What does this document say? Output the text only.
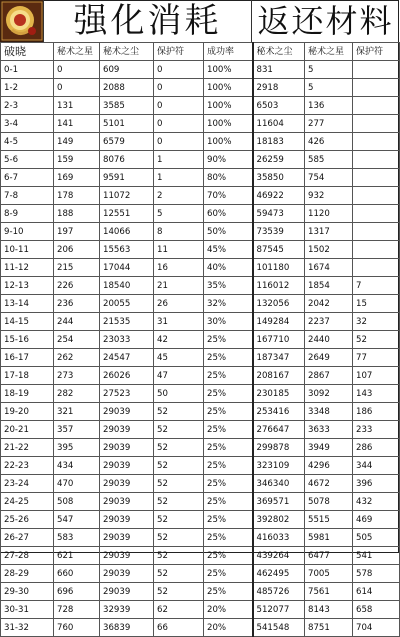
强化消耗	返还材料
破晓	秘术之星	秘术之尘	保护符	成功率	秘术之尘	秘术之星	保护符
0-1	0	609	0	100%	831	5	
1-2	0	2088	0	100%	2918	5	
2-3	131	3585	0	100%	6503	136	
3-4	141	5101	0	100%	11604	277	
4-5	149	6579	0	100%	18183	426	
5-6	159	8076	1	90%	26259	585	
6-7	169	9591	1	80%	35850	754	
7-8	178	11072	2	70%	46922	932	
8-9	188	12551	5	60%	59473	1120	
9-10	197	14066	8	50%	73539	1317	
10-11	206	15563	11	45%	87545	1502	
11-12	215	17044	16	40%	101180	1674	
12-13	226	18540	21	35%	116012	1854	7
13-14	236	20055	26	32%	132056	2042	15
14-15	244	21535	31	30%	149284	2237	32
15-16	254	23033	42	25%	167710	2440	52
16-17	262	24547	45	25%	187347	2649	77
17-18	273	26026	47	25%	208167	2867	107
18-19	282	27523	50	25%	230185	3092	143
19-20	321	29039	52	25%	253416	3348	186
20-21	357	29039	52	25%	276647	3633	233
21-22	395	29039	52	25%	299878	3949	286
22-23	434	29039	52	25%	323109	4296	344
23-24	470	29039	52	25%	346340	4672	396
24-25	508	29039	52	25%	369571	5078	432
25-26	547	29039	52	25%	392802	5515	469
26-27	583	29039	52	25%	416033	5981	505
27-28	621	29039	52	25%	439264	6477	541
28-29	660	29039	52	25%	462495	7005	578
29-30	696	29039	52	25%	485726	7561	614
30-31	728	32939	62	20%	512077	8143	658
31-32	760	36839	66	20%	541548	8751	704
